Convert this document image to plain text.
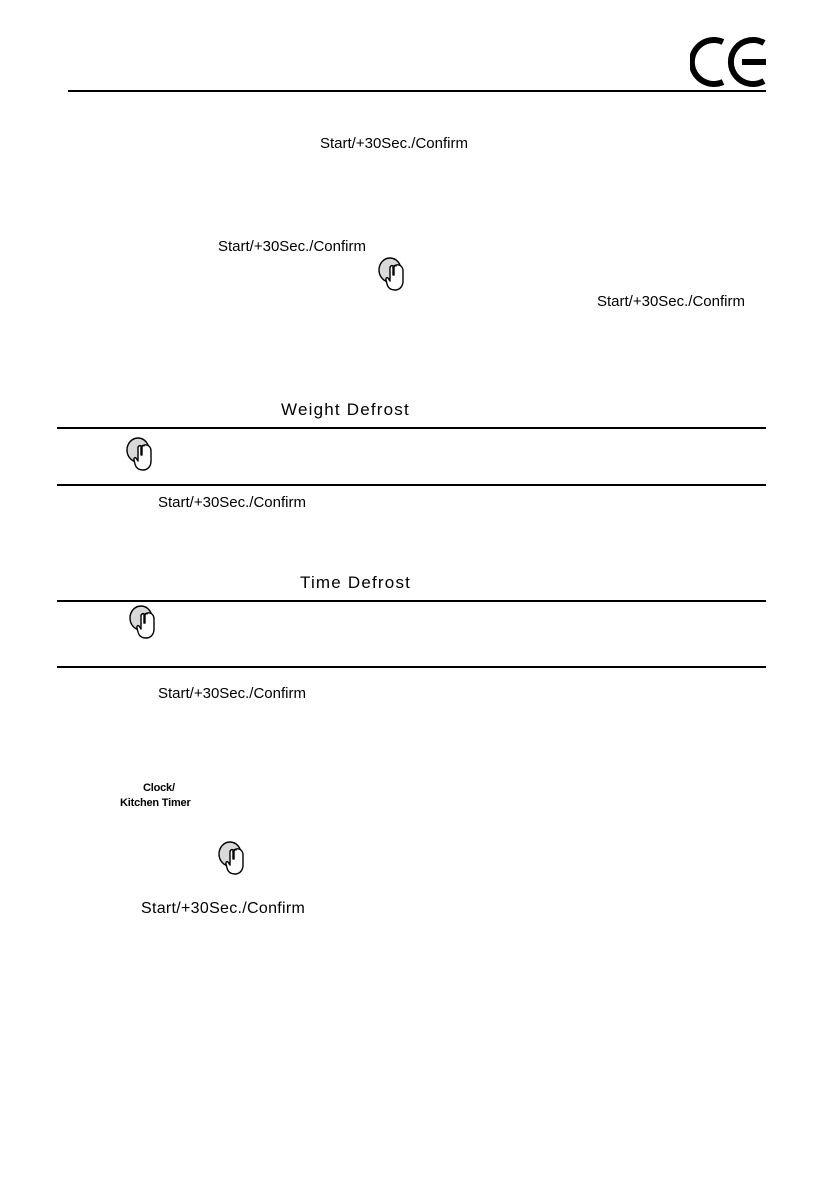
Start/+30Sec./Confirm
Start/+30Sec./Confirm
Start/+30Sec./Confirm
Weight Defrost
Start/+30Sec./Confirm
Time Defrost
Start/+30Sec./Confirm
Clock/
Kitchen Timer
Start/+30Sec./Confirm
